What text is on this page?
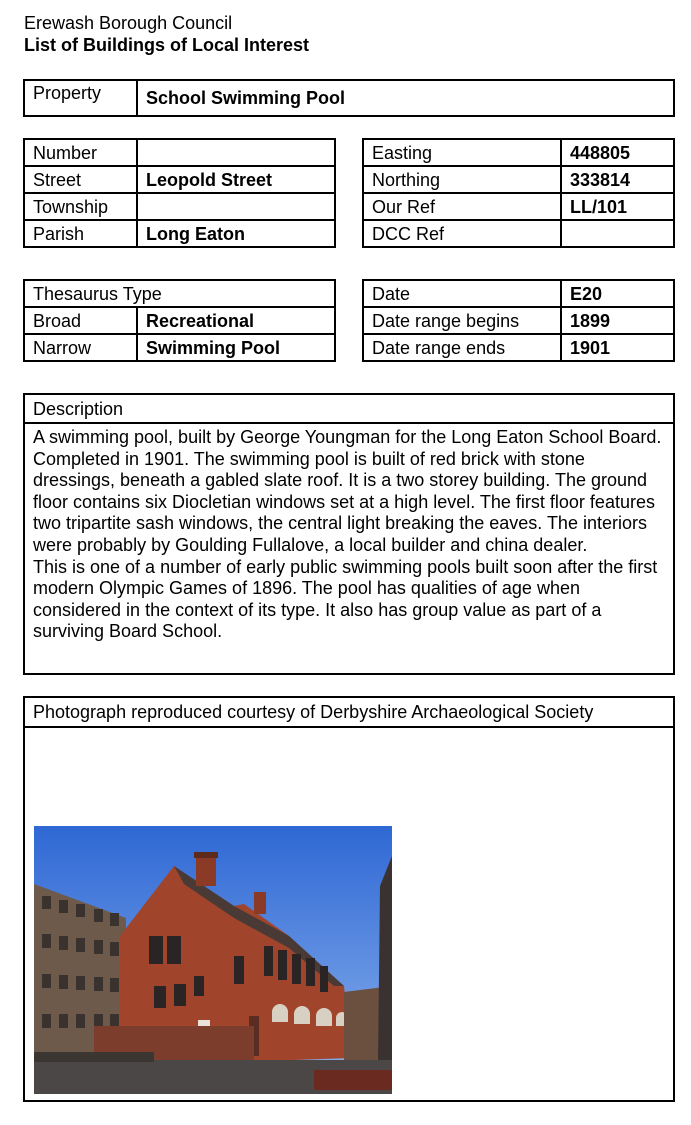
Erewash Borough Council
List of Buildings of Local Interest
Property	School Swimming Pool
Number	
Street	Leopold Street
Township	
Parish	Long Eaton
Easting	448805
Northing	333814
Our Ref	LL/101
DCC Ref	
Thesaurus Type	
Broad	Recreational
Narrow	Swimming Pool
Date	E20
Date range begins	1899
Date range ends	1901
Description

A swimming pool, built by George Youngman for the Long Eaton School Board. Completed in 1901. The swimming pool is built of red brick with stone dressings, beneath a gabled slate roof. It is a two storey building. The ground floor contains six Diocletian windows set at a high level. The first floor features two tripartite sash windows, the central light breaking the eaves. The interiors were probably by Goulding Fullalove, a local builder and china dealer.

This is one of a number of early public swimming pools built soon after the first modern Olympic Games of 1896. The pool has qualities of age when considered in the context of its type. It also has group value as part of a surviving Board School.

Photograph reproduced courtesy of Derbyshire Archaeological Society
